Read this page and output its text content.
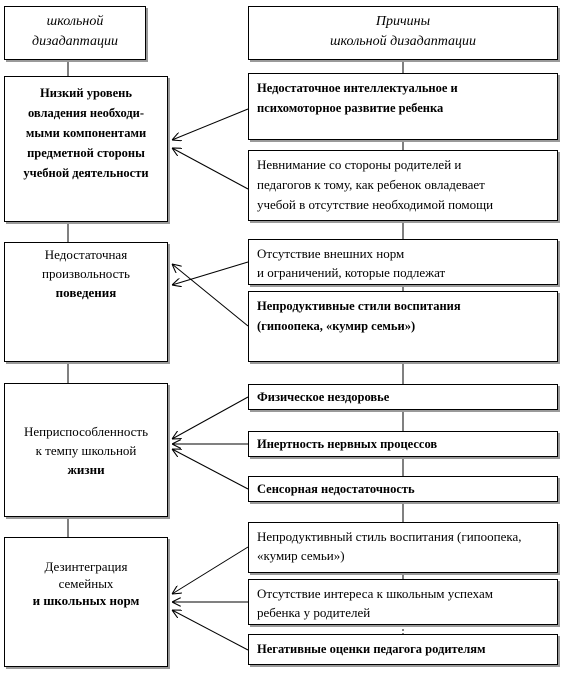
школьной
дизадаптации
Низкий уровень
овладения необходи-
мыми компонентами
предметной стороны
учебной деятельности
Недостаточная
произвольность
поведения
Неприспособленность
к темпу школьной
жизни
Дезинтеграция
семейных
и школьных норм
Причины
школьной дизадаптации
Недостаточное интеллектуальное и
психомоторное развитие ребенка
Невнимание со стороны родителей и
педагогов к тому, как ребенок овладевает
учебой в отсутствие необходимой помощи
Отсутствие внешних норм
и ограничений, которые подлежат
Непродуктивные стили воспитания
(гипоопека, «кумир семьи»)
Физическое нездоровье
Инертность нервных процессов
Сенсорная недостаточность
Непродуктивный стиль воспитания (гипоопека,
«кумир семьи»)
Отсутствие интереса к школьным успехам
ребенка у родителей
Негативные оценки педагога родителям
